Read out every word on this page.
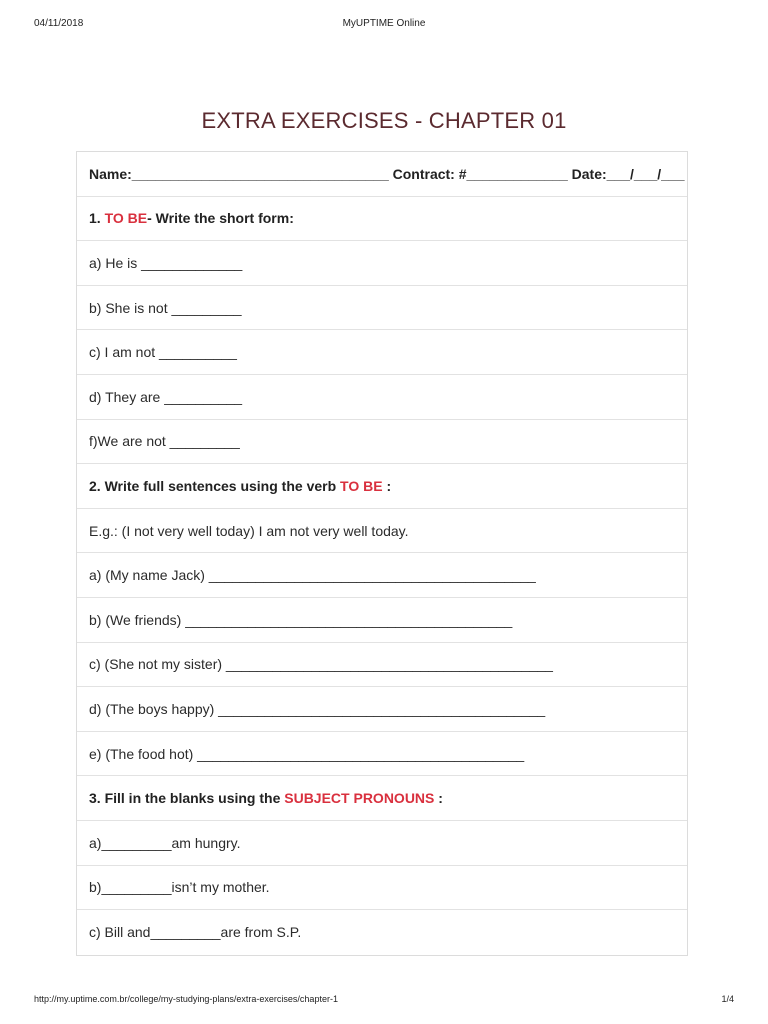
04/11/2018	MyUPTIME Online
EXTRA EXERCISES - CHAPTER 01
Name:_________________________________ Contract: #_____________ Date:___/___/___
1.
TO BE - Write the short form:
a) He is _____________
b) She is not _________
c) I am not __________
d) They are __________
f)We are not _________
2. Write full sentences using the verb TO BE :
E.g.: (I not very well today) I am not very well today.
a) (My name Jack) __________________________________________
b) (We friends) __________________________________________
c) (She not my sister) __________________________________________
d) (The boys happy) __________________________________________
e) (The food hot) __________________________________________
3. Fill in the blanks using the SUBJECT PRONOUNS :
a)_________am hungry.
b)_________isn’t my mother.
c) Bill and_________are from S.P.
http://my.uptime.com.br/college/my-studying-plans/extra-exercises/chapter-1	1/4
